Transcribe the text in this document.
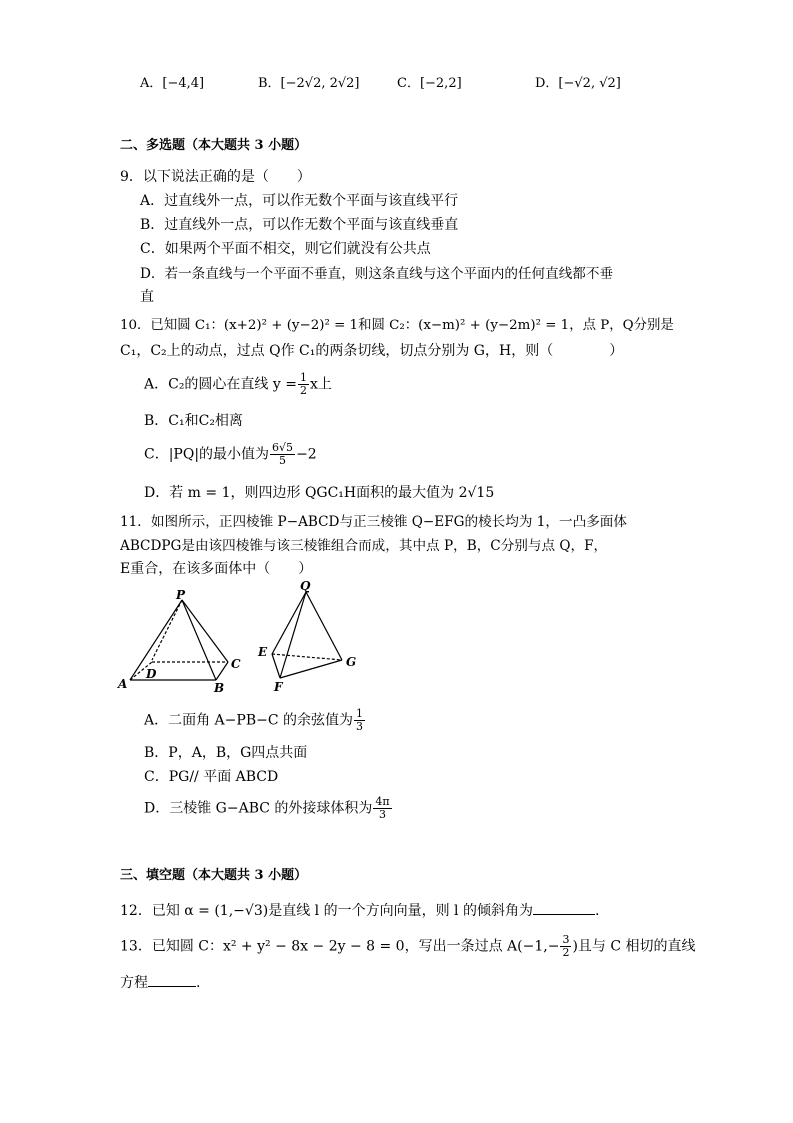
A．[−4,4]	B．[−2√2, 2√2]	C．[−2,2]	D．[−√2, √2]
二、多选题（本大题共 3 小题）
9．以下说法正确的是（　　）
A．过直线外一点，可以作无数个平面与该直线平行
B．过直线外一点，可以作无数个平面与该直线垂直
C．如果两个平面不相交，则它们就没有公共点
D．若一条直线与一个平面不垂直，则这条直线与这个平面内的任何直线都不垂
直
10．已知圆 C₁：(x+2)² + (y−2)² = 1和圆 C₂：(x−m)² + (y−2m)² = 1，点 P，Q分别是
C₁，C₂上的动点，过点 Q作 C₁的两条切线，切点分别为 G，H，则（　　　　）
A．C₂的圆心在直线 $y = \frac{1}{2}$ x上
B．C₁和C₂相离
C．|PQ|的最小值为 $\frac{6√5}{5} -2$
D．若 m = 1，则四边形 QGC₁H面积的最大值为 2√15
11．如图所示，正四棱锥 P−ABCD与正三棱锥 Q−EFG的棱长均为 1，一凸多面体
ABCDPG是由该四棱锥与该三棱锥组合而成，其中点 P，B，C分别与点 Q，F，
E重合，在该多面体中（　　）
P
A	B
C
D
Q
E
F
G
A．二面角 A−PB−C 的余弦值为 $\frac{1}{3}$
B．P，A，B，G四点共面
C．PG// 平面 ABCD
D．三棱锥 G−ABC 的外接球体积为 $\frac{4\pi}{3}$
三、填空题（本大题共 3 小题）
12．已知 α = (1,−√3)是直线 l 的一个方向向量，则 l 的倾斜角为	.
13．已知圆 C：x² + y² − 8x − 2y − 8 = 0，写出一条过点 $A(-1,- \frac{3}{2}$ )且与 C 相切的直线
方程	.
